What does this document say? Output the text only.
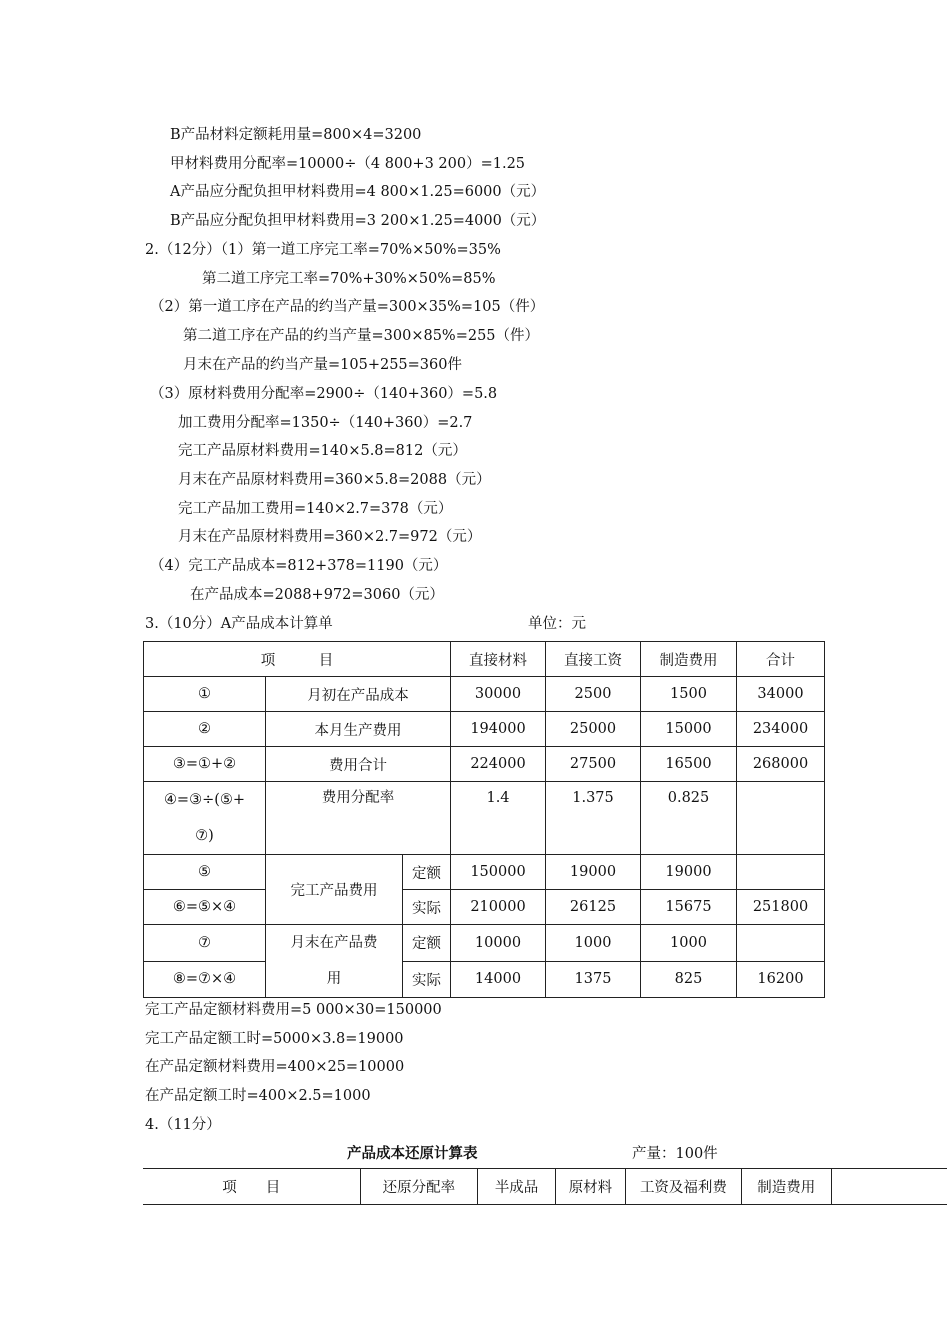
B产品材料定额耗用量=800×4=3200
甲材料费用分配率=10000÷（4 800+3 200）=1.25
A产品应分配负担甲材料费用=4 800×1.25=6000（元）
B产品应分配负担甲材料费用=3 200×1.25=4000（元）
2.（12分）（1）第一道工序完工率=70%×50%=35%
第二道工序完工率=70%+30%×50%=85%
（2）第一道工序在产品的约当产量=300×35%=105（件）
第二道工序在产品的约当产量=300×85%=255（件）
月末在产品的约当产量=105+255=360件
（3）原材料费用分配率=2900÷（140+360）=5.8
加工费用分配率=1350÷（140+360）=2.7
完工产品原材料费用=140×5.8=812（元）
月末在产品原材料费用=360×5.8=2088（元）
完工产品加工费用=140×2.7=378（元）
月末在产品原材料费用=360×2.7=972（元）
（4）完工产品成本=812+378=1190（元）
在产品成本=2088+972=3060（元）
3.（10分）A产品成本计算单	单位：元
项　　　目			直接材料	直接工资	制造费用	合计
①	月初在产品成本		30000	2500	1500	34000
②	本月生产费用		194000	25000	15000	234000
③=①+②	费用合计		224000	27500	16500	268000
④=③÷(⑤+⑦)	费用分配率		1.4	1.375	0.825	
⑤	完工产品费用	定额	150000	19000	19000	
⑥=⑤×④		实际	210000	26125	15675	251800
⑦	月末在产品费用	定额	10000	1000	1000	
⑧=⑦×④		实际	14000	1375	825	16200
完工产品定额材料费用=5 000×30=150000
完工产品定额工时=5000×3.8=19000
在产品定额材料费用=400×25=10000
在产品定额工时=400×2.5=1000
4.（11分）
产品成本还原计算表	产量：100件
项　　目	还原分配率	半成品	原材料	工资及福利费	制造费用	
